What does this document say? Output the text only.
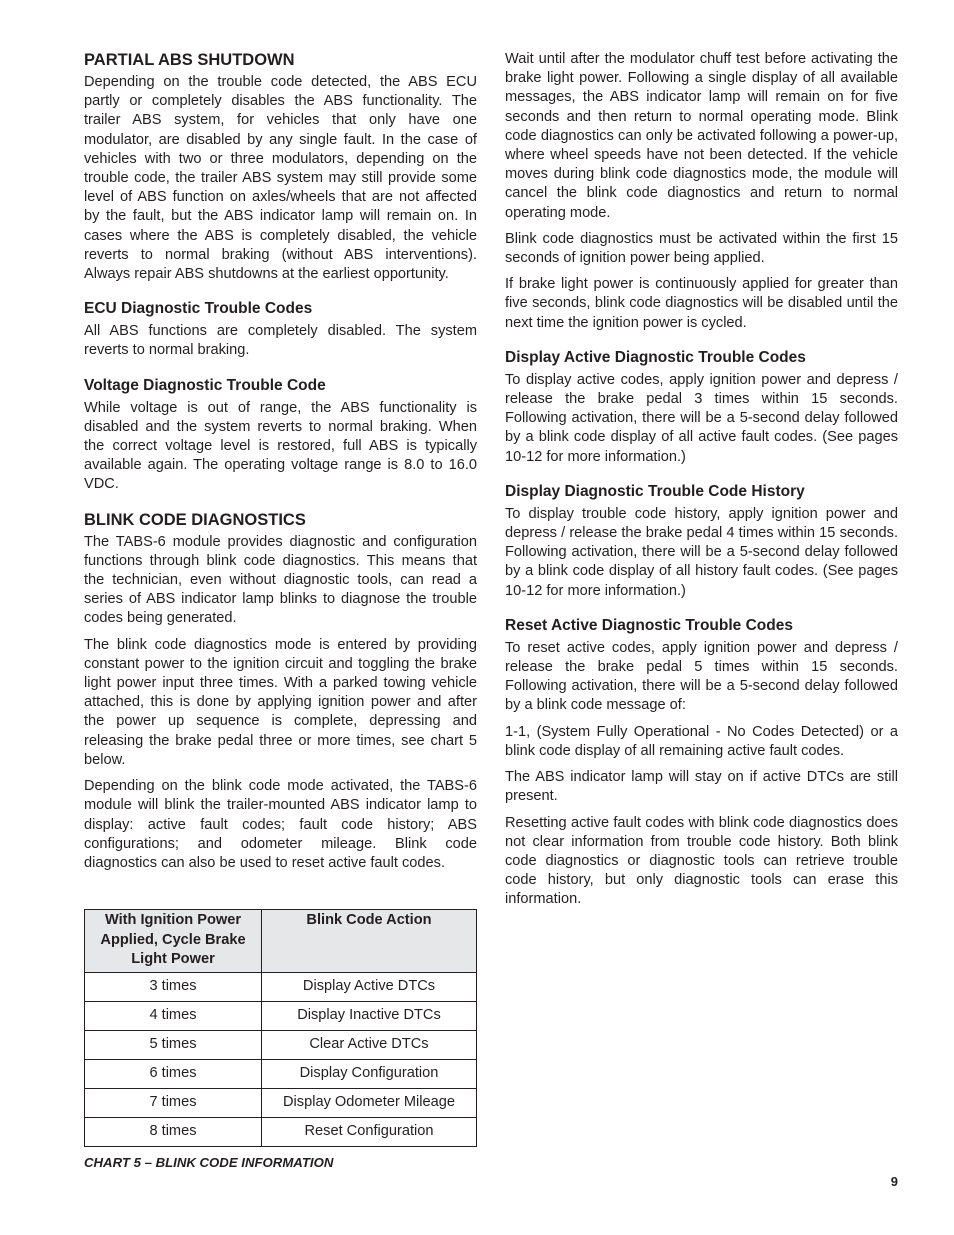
PARTIAL ABS SHUTDOWN

Depending on the trouble code detected, the ABS ECU partly or completely disables the ABS functionality. The trailer ABS system, for vehicles that only have one modulator, are disabled by any single fault. In the case of vehicles with two or three modulators, depending on the trouble code, the trailer ABS system may still provide some level of ABS function on axles/wheels that are not affected by the fault, but the ABS indicator lamp will remain on. In cases where the ABS is completely disabled, the vehicle reverts to normal braking (without ABS interventions). Always repair ABS shutdowns at the earliest opportunity.

ECU Diagnostic Trouble Codes

All ABS functions are completely disabled. The system reverts to normal braking.

Voltage Diagnostic Trouble Code

While voltage is out of range, the ABS functionality is disabled and the system reverts to normal braking. When the correct voltage level is restored, full ABS is typically available again. The operating voltage range is 8.0 to 16.0 VDC.

BLINK CODE DIAGNOSTICS

The TABS-6 module provides diagnostic and configuration functions through blink code diagnostics. This means that the technician, even without diagnostic tools, can read a series of ABS indicator lamp blinks to diagnose the trouble codes being generated.

The blink code diagnostics mode is entered by providing constant power to the ignition circuit and toggling the brake light power input three times. With a parked towing vehicle attached, this is done by applying ignition power and after the power up sequence is complete, depressing and releasing the brake pedal three or more times, see chart 5 below.

Depending on the blink code mode activated, the TABS-6 module will blink the trailer-mounted ABS indicator lamp to display: active fault codes; fault code history; ABS configurations; and odometer mileage. Blink code diagnostics can also be used to reset active fault codes.

With Ignition Power Applied, Cycle Brake Light Power	Blink Code Action
3 times	Display Active DTCs
4 times	Display Inactive DTCs
5 times	Clear Active DTCs
6 times	Display Configuration
7 times	Display Odometer Mileage
8 times	Reset Configuration
CHART 5 – BLINK CODE INFORMATION

Wait until after the modulator chuff test before activating the brake light power. Following a single display of all available messages, the ABS indicator lamp will remain on for five seconds and then return to normal operating mode. Blink code diagnostics can only be activated following a power-up, where wheel speeds have not been detected. If the vehicle moves during blink code diagnostics mode, the module will cancel the blink code diagnostics and return to normal operating mode.

Blink code diagnostics must be activated within the first 15 seconds of ignition power being applied.

If brake light power is continuously applied for greater than five seconds, blink code diagnostics will be disabled until the next time the ignition power is cycled.

Display Active Diagnostic Trouble Codes

To display active codes, apply ignition power and depress / release the brake pedal 3 times within 15 seconds. Following activation, there will be a 5-second delay followed by a blink code display of all active fault codes. (See pages 10-12 for more information.)

Display Diagnostic Trouble Code History

To display trouble code history, apply ignition power and depress / release the brake pedal 4 times within 15 seconds. Following activation, there will be a 5-second delay followed by a blink code display of all history fault codes. (See pages 10-12 for more information.)

Reset Active Diagnostic Trouble Codes

To reset active codes, apply ignition power and depress / release the brake pedal 5 times within 15 seconds. Following activation, there will be a 5-second delay followed by a blink code message of:

1-1, (System Fully Operational - No Codes Detected) or a blink code display of all remaining active fault codes.

The ABS indicator lamp will stay on if active DTCs are still present.

Resetting active fault codes with blink code diagnostics does not clear information from trouble code history. Both blink code diagnostics or diagnostic tools can retrieve trouble code history, but only diagnostic tools can erase this information.

9
